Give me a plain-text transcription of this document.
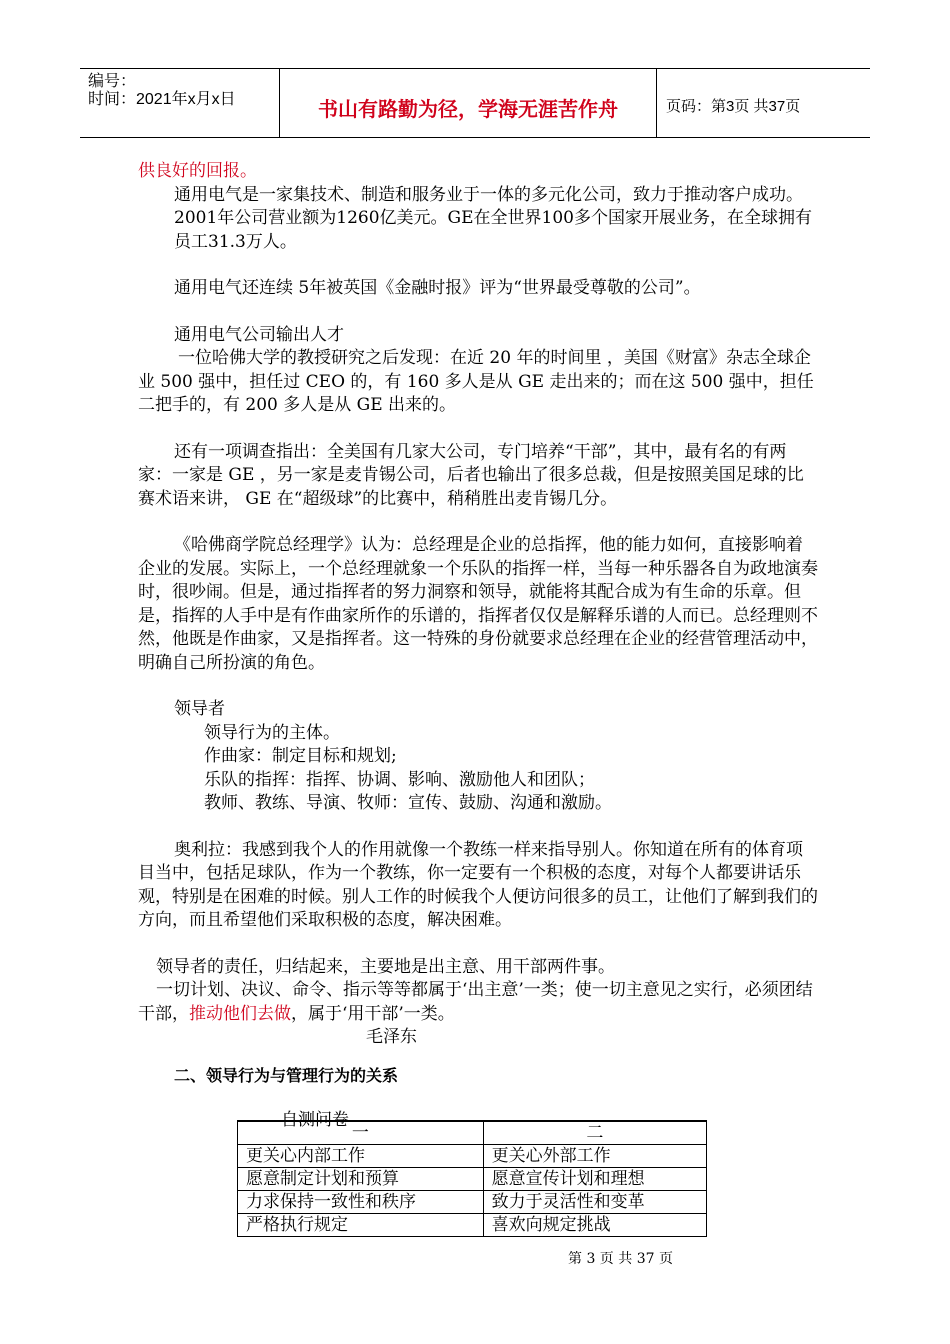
编号：
时间：2021年x月x日	书山有路勤为径，学海无涯苦作舟	页码：第3页 共37页

供良好的回报。

通用电气是一家集技术、制造和服务业于一体的多元化公司，致力于推动客户成功。2001年公司营业额为1260亿美元。GE在全世界100多个国家开展业务，在全球拥有员工31.3万人。

通用电气还连续 5年被英国《金融时报》评为“世界最受尊敬的公司”。

通用电气公司输出人才

一位哈佛大学的教授研究之后发现：在近 20 年的时间里 ，美国《财富》杂志全球企业 500 强中，担任过 CEO 的，有 160 多人是从 GE 走出来的；而在这 500 强中，担任二把手的，有 200 多人是从 GE 出来的。

还有一项调查指出：全美国有几家大公司，专门培养“干部”，其中，最有名的有两家：一家是 GE ，另一家是麦肯锡公司，后者也输出了很多总裁，但是按照美国足球的比赛术语来讲， GE 在“超级球”的比赛中，稍稍胜出麦肯锡几分。

《哈佛商学院总经理学》认为：总经理是企业的总指挥，他的能力如何，直接影响着企业的发展。实际上，一个总经理就象一个乐队的指挥一样，当每一种乐器各自为政地演奏时，很吵闹。但是，通过指挥者的努力洞察和领导，就能将其配合成为有生命的乐章。但是，指挥的人手中是有作曲家所作的乐谱的，指挥者仅仅是解释乐谱的人而已。总经理则不然，他既是作曲家，又是指挥者。这一特殊的身份就要求总经理在企业的经营管理活动中，明确自己所扮演的角色。

领导者

领导行为的主体。

作曲家：制定目标和规划;

乐队的指挥：指挥、协调、影响、激励他人和团队；

教师、教练、导演、牧师：宣传、鼓励、沟通和激励。

奥利拉：我感到我个人的作用就像一个教练一样来指导别人。你知道在所有的体育项目当中，包括足球队，作为一个教练，你一定要有一个积极的态度，对每个人都要讲话乐观，特别是在困难的时候。别人工作的时候我个人便访问很多的员工，让他们了解到我们的方向，而且希望他们采取积极的态度，解决困难。

领导者的责任，归结起来，主要地是出主意、用干部两件事。

一切计划、决议、命令、指示等等都属于‘出主意’一类；使一切主意见之实行，必须团结干部，推动他们去做，属于‘用干部’一类。

毛泽东

二、领导行为与管理行为的关系

自测问卷

一	二
更关心内部工作	更关心外部工作
愿意制定计划和预算	愿意宣传计划和理想
力求保持一致性和秩序	致力于灵活性和变革
严格执行规定	喜欢向规定挑战
第 3 页 共 37 页
